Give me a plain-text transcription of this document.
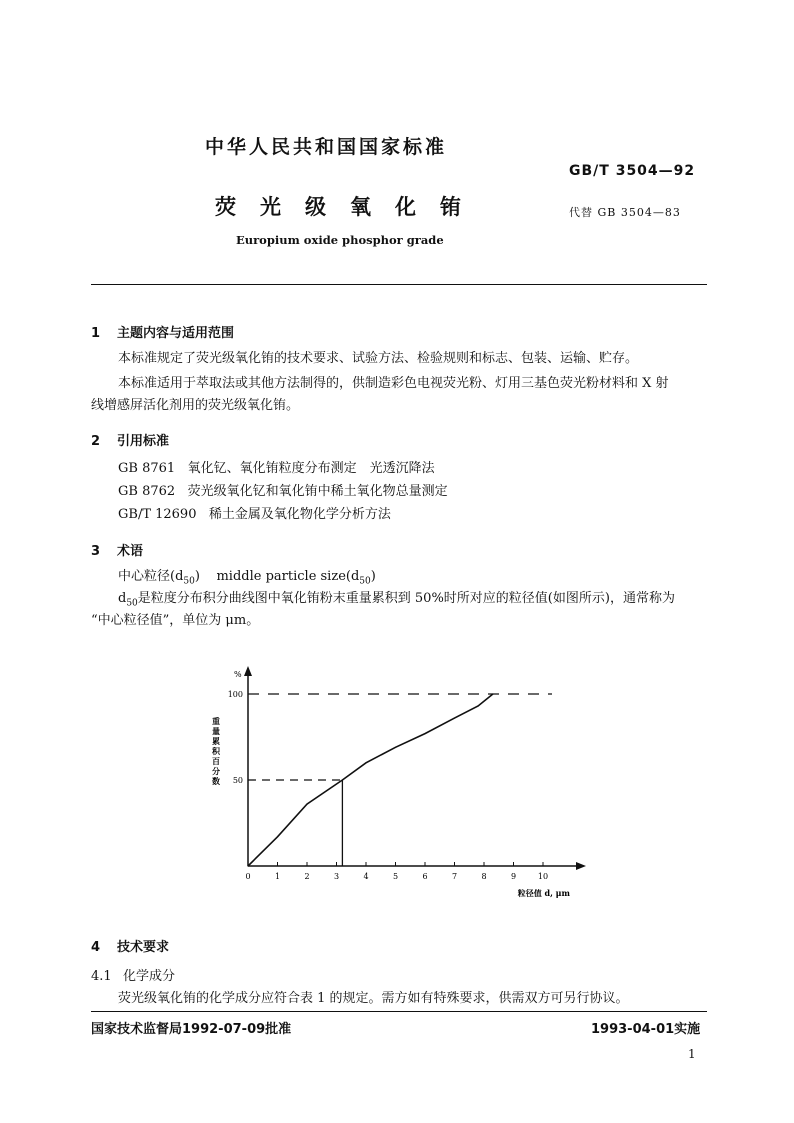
中华人民共和国国家标准
GB/T 3504—92
荧光级氧化铕	代替 GB 3504—83
Europium oxide phosphor grade
1 主题内容与适用范围
本标准规定了荧光级氧化铕的技术要求、试验方法、检验规则和标志、包装、运输、贮存。
本标准适用于萃取法或其他方法制得的，供制造彩色电视荧光粉、灯用三基色荧光粉材料和 X 射
线增感屏活化剂用的荧光级氧化铕。
2 引用标准
GB 8761 氧化钇、氧化铕粒度分布测定　光透沉降法
GB 8762 荧光级氧化钇和氧化铕中稀土氧化物总量测定
GB/T 12690 稀土金属及氧化物化学分析方法
3 术语
中心粒径$(d_{50})$ middle particle $size(d_{50})$
$d_{50}$是粒度分布积分曲线图中氧化铕粉末重量累积到 50%时所对应的粒径值(如图所示)，通常称为
“中心粒径值”，单位为 μm。
0	1	2	3	4	5	6	7	8	9	10
50
100
%
重
量
累
积
百
分
数
粒径值 d, μm
4 技术要求
4.1 化学成分
荧光级氧化铕的化学成分应符合表 1 的规定。需方如有特殊要求，供需双方可另行协议。
国家技术监督局1992-07-09批准	1993-04-01实施
1
